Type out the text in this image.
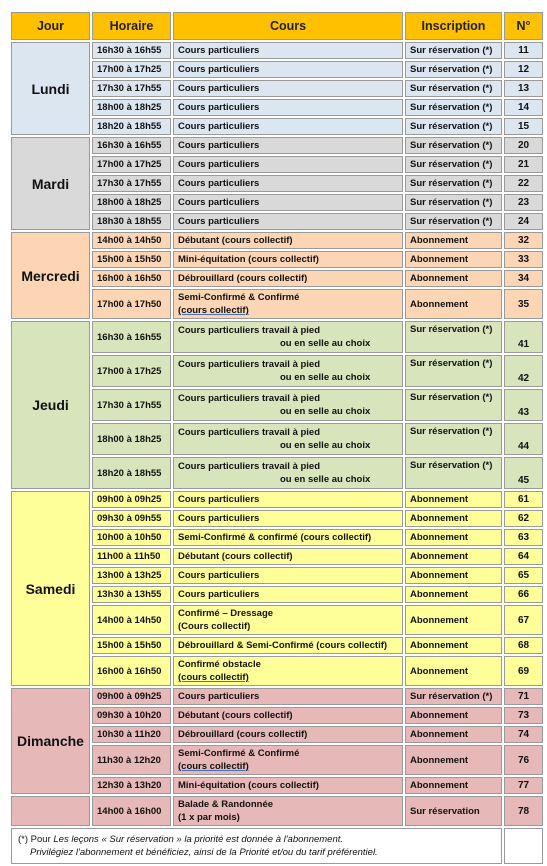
Jour	Horaire	Cours	Inscription	N°
Lundi	16h30 à 16h55	Cours particuliers	Sur réservation (*)	11
	17h00 à 17h25	Cours particuliers	Sur réservation (*)	12
	17h30 à 17h55	Cours particuliers	Sur réservation (*)	13
	18h00 à 18h25	Cours particuliers	Sur réservation (*)	14
	18h20 à 18h55	Cours particuliers	Sur réservation (*)	15
Mardi	16h30 à 16h55	Cours particuliers	Sur réservation (*)	20
	17h00 à 17h25	Cours particuliers	Sur réservation (*)	21
	17h30 à 17h55	Cours particuliers	Sur réservation (*)	22
	18h00 à 18h25	Cours particuliers	Sur réservation (*)	23
	18h30 à 18h55	Cours particuliers	Sur réservation (*)	24
Mercredi	14h00 à 14h50	Débutant (cours collectif)	Abonnement	32
	15h00 à 15h50	Mini-équitation (cours collectif)	Abonnement	33
	16h00 à 16h50	Débrouillard (cours collectif)	Abonnement	34
	17h00 à 17h50	Semi-Confirmé & Confirmé
(cours collectif)	Abonnement	35
Jeudi	16h30 à 16h55	Cours particuliers travail à pied
ou en selle au choix	Sur réservation (*)	41
	17h00 à 17h25	Cours particuliers travail à pied
ou en selle au choix	Sur réservation (*)	42
	17h30 à 17h55	Cours particuliers travail à pied
ou en selle au choix	Sur réservation (*)	43
	18h00 à 18h25	Cours particuliers travail à pied
ou en selle au choix	Sur réservation (*)	44
	18h20 à 18h55	Cours particuliers travail à pied
ou en selle au choix	Sur réservation (*)	45
Samedi	09h00 à 09h25	Cours particuliers	Abonnement	61
	09h30 à 09h55	Cours particuliers	Abonnement	62
	10h00 à 10h50	Semi-Confirmé & confirmé (cours collectif)	Abonnement	63
	11h00 à 11h50	Débutant (cours collectif)	Abonnement	64
	13h00 à 13h25	Cours particuliers	Abonnement	65
	13h30 à 13h55	Cours particuliers	Abonnement	66
	14h00 à 14h50	Confirmé – Dressage
(Cours collectif)	Abonnement	67
	15h00 à 15h50	Débrouillard & Semi-Confirmé (cours collectif)	Abonnement	68
	16h00 à 16h50	Confirmé obstacle
(cours collectif)	Abonnement	69
Dimanche	09h00 à 09h25	Cours particuliers	Sur réservation (*)	71
	09h30 à 10h20	Débutant (cours collectif)	Abonnement	73
	10h30 à 11h20	Débrouillard (cours collectif)	Abonnement	74
	11h30 à 12h20	Semi-Confirmé & Confirmé
(cours collectif)	Abonnement	76
	12h30 à 13h20	Mini-équitation (cours collectif)	Abonnement	77
	14h00 à 16h00	Balade & Randonnée
(1 x par mois)	Sur réservation	78
(*) Pour Les leçons « Sur réservation » la priorité est donnée à l'abonnement.
Privilégiez l'abonnement et bénéficiez, ainsi de la Priorité et/ou du tarif préférentiel.				
